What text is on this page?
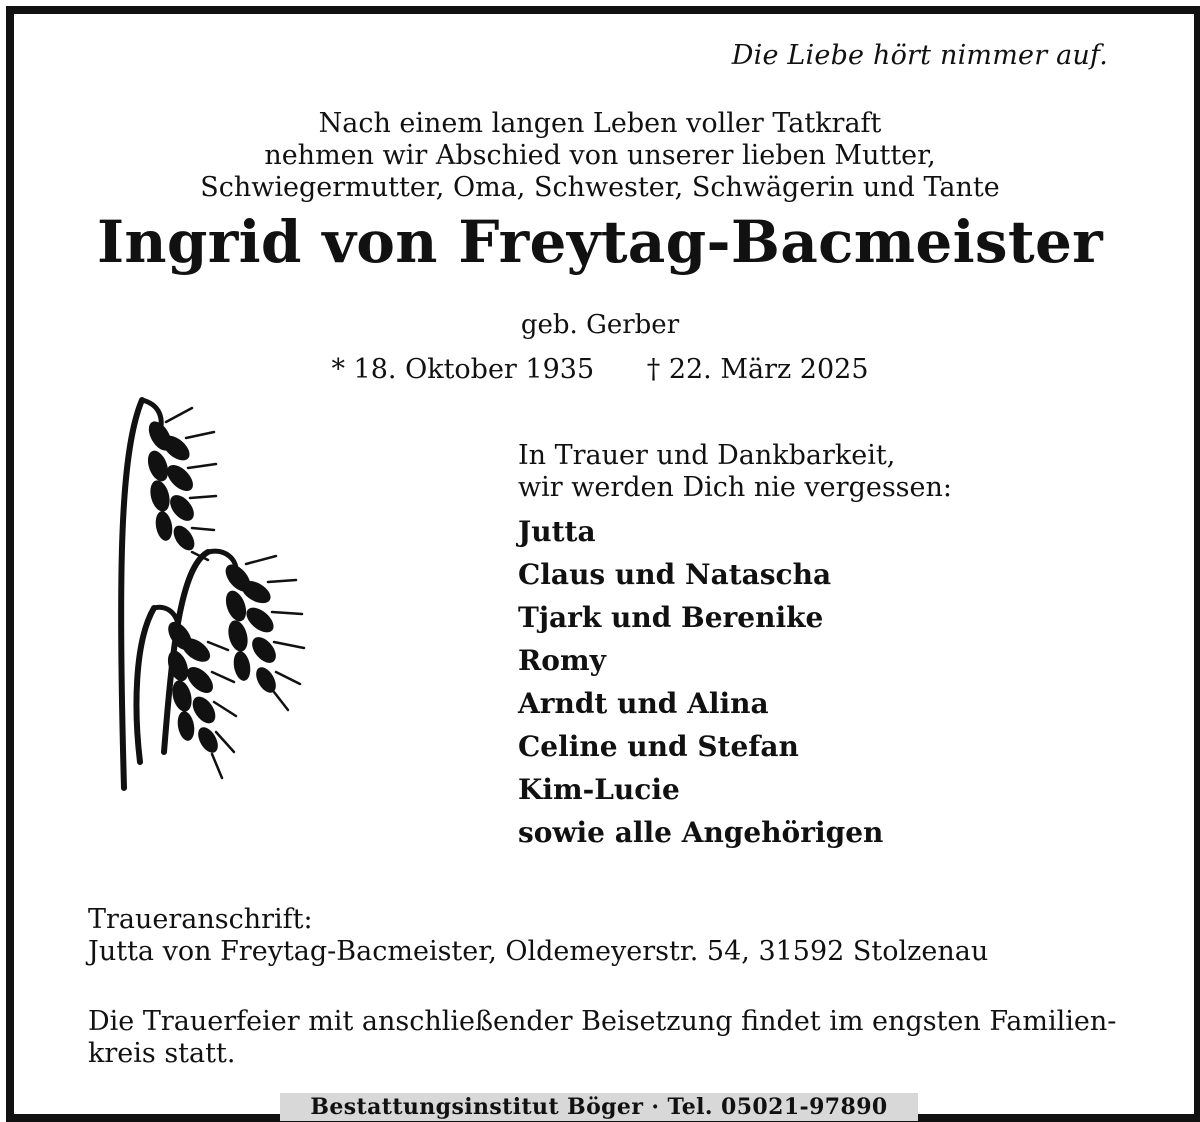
Die Liebe hört nimmer auf.
Nach einem langen Leben voller Tatkraft
nehmen wir Abschied von unserer lieben Mutter,
Schwiegermutter, Oma, Schwester, Schwägerin und Tante
Ingrid von Freytag-Bacmeister
geb. Gerber
* 18. Oktober 1935 † 22. März 2025
In Trauer und Dankbarkeit,
wir werden Dich nie vergessen:
Jutta
Claus und Natascha
Tjark und Berenike
Romy
Arndt und Alina
Celine und Stefan
Kim-Lucie
sowie alle Angehörigen
Traueranschrift:
Jutta von Freytag-Bacmeister, Oldemeyerstr. 54, 31592 Stolzenau
Die Trauerfeier mit anschließender Beisetzung findet im engsten Familien-
kreis statt.
Bestattungsinstitut Böger · Tel. 05021-97890
